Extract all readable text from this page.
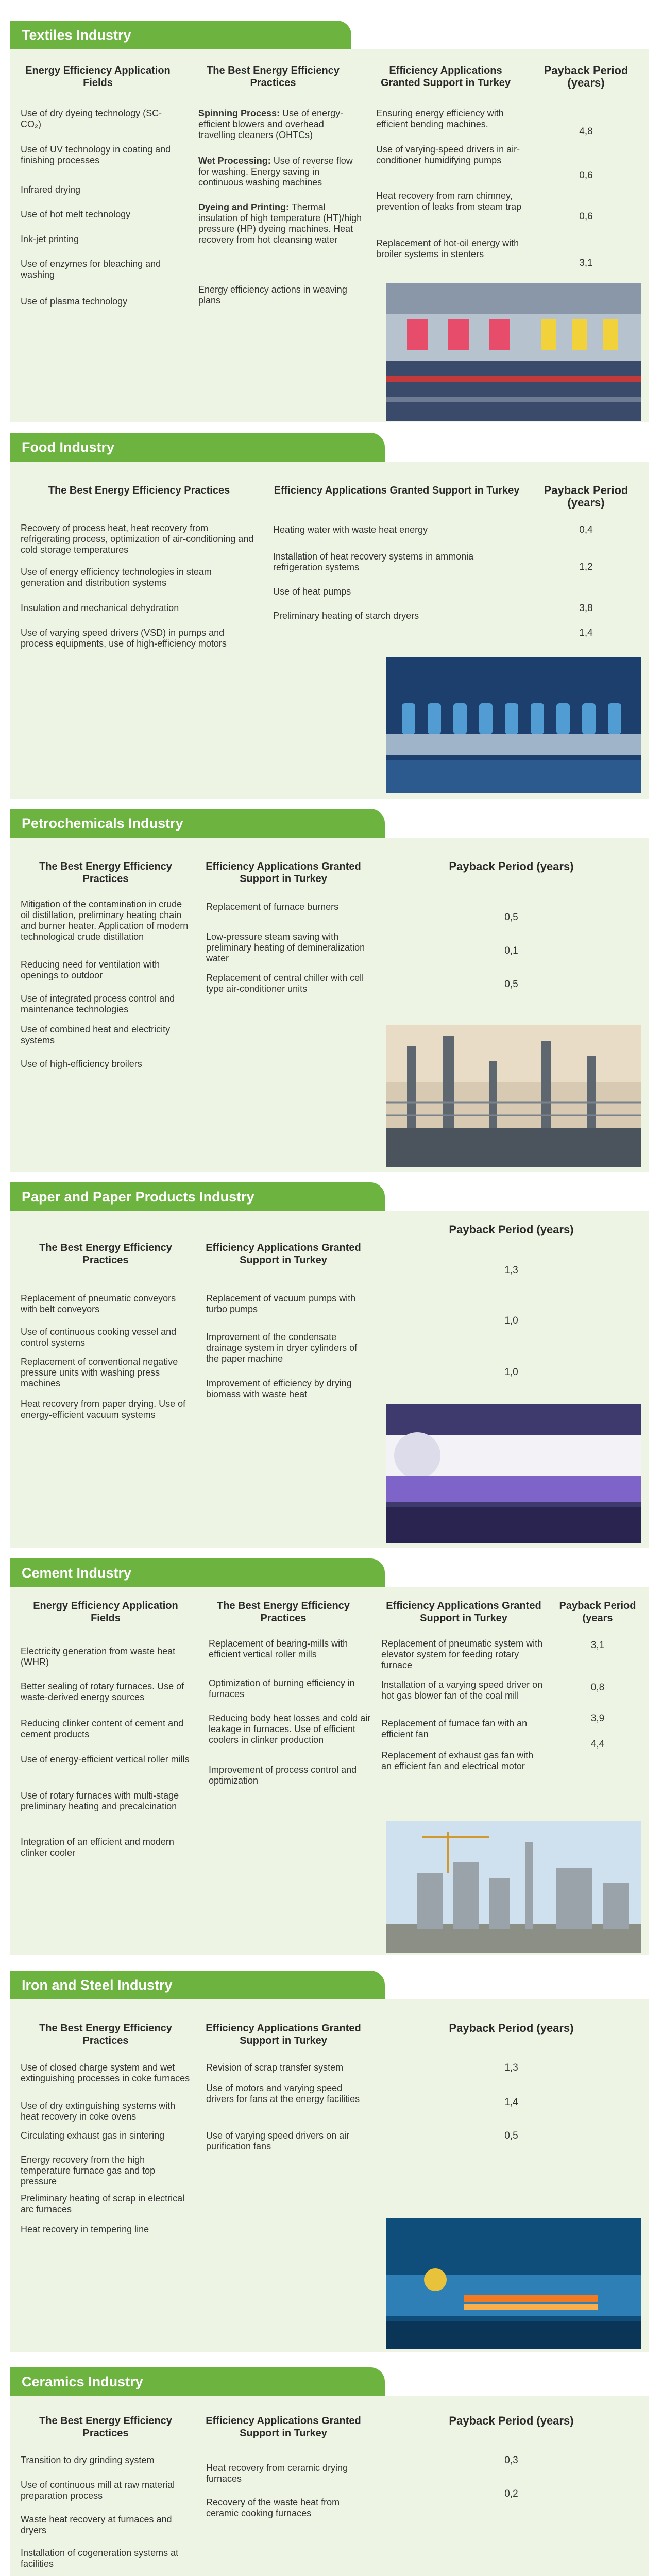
Textiles Industry
Energy Efficiency Application Fields
The Best Energy Efficiency Practices
Efficiency Applications Granted Support in Turkey
Payback Period (years)
Use of dry dyeing technology (SC-CO₂)
Use of UV technology in coating and finishing processes
Infrared drying
Use of hot melt technology
Ink-jet printing
Use of enzymes for bleaching and washing
Use of plasma technology
Spinning Process: Use of energy-efficient blowers and overhead travelling cleaners (OHTCs)
Wet Processing: Use of reverse flow for washing. Energy saving in continuous washing machines
Dyeing and Printing: Thermal insulation of high temperature (HT)/high pressure (HP) dyeing machines. Heat recovery from hot cleansing water
Energy efficiency actions in weaving plans
Ensuring energy efficiency with efficient bending machines.
Use of varying-speed drivers in air-conditioner humidifying pumps
Heat recovery from ram chimney, prevention of leaks from steam trap
Replacement of hot-oil energy with broiler systems in stenters
4,8
0,6
0,6
3,1
Food Industry
The Best Energy Efficiency Practices	Efficiency Applications Granted Support in Turkey	Payback Period (years)
Recovery of process heat, heat recovery from refrigerating process, optimization of air-conditioning and cold storage temperatures
Use of energy efficiency technologies in steam generation and distribution systems
Insulation and mechanical dehydration
Use of varying speed drivers (VSD) in pumps and process equipments, use of high-efficiency motors
Heating water with waste heat energy
Installation of heat recovery systems in ammonia refrigeration systems
Use of heat pumps
Preliminary heating of starch dryers
0,4
1,2
3,8
1,4
Petrochemicals Industry
The Best Energy Efficiency Practices
Efficiency Applications Granted Support in Turkey
Payback Period (years)
Mitigation of the contamination in crude oil distillation, preliminary heating chain and burner heater. Application of modern technological crude distillation
Reducing need for ventilation with openings to outdoor
Use of integrated process control and maintenance technologies
Use of combined heat and electricity systems
Use of high-efficiency broilers
Replacement of furnace burners
Low-pressure steam saving with preliminary heating of demineralization water
Replacement of central chiller with cell type air-conditioner units
0,5
0,1
0,5
Paper and Paper Products Industry
The Best Energy Efficiency Practices
Efficiency Applications Granted Support in Turkey
Payback Period (years)
Replacement of pneumatic conveyors with belt conveyors
Use of continuous cooking vessel and control systems
Replacement of conventional negative pressure units with washing press machines
Heat recovery from paper drying. Use of energy-efficient vacuum systems
Replacement of vacuum pumps with turbo pumps
Improvement of the condensate drainage system in dryer cylinders of the paper machine
Improvement of efficiency by drying biomass with waste heat
1,3
1,0
1,0
Cement Industry
Energy Efficiency Application Fields
The Best Energy Efficiency Practices
Efficiency Applications Granted Support in Turkey
Payback Period (years
Electricity generation from waste heat (WHR)
Better sealing of rotary furnaces. Use of waste-derived energy sources
Reducing clinker content of cement and cement products
Use of energy-efficient vertical roller mills
Use of rotary furnaces with multi-stage preliminary heating and precalcination
Integration of an efficient and modern clinker cooler
Replacement of bearing-mills with efficient vertical roller mills
Optimization of burning efficiency in furnaces
Reducing body heat losses and cold air leakage in furnaces. Use of efficient coolers in clinker production
Improvement of process control and optimization
Replacement of pneumatic system with elevator system for feeding rotary furnace
Installation of a varying speed driver on hot gas blower fan of the coal mill
Replacement of furnace fan with an efficient fan
Replacement of exhaust gas fan with an efficient fan and electrical motor
3,1
0,8
3,9
4,4
Iron and Steel Industry
The Best Energy Efficiency Practices
Efficiency Applications Granted Support in Turkey
Payback Period (years)
Use of closed charge system and wet extinguishing processes in coke furnaces
Use of dry extinguishing systems with heat recovery in coke ovens
Circulating exhaust gas in sintering
Energy recovery from the high temperature furnace gas and top pressure
Preliminary heating of scrap in electrical arc furnaces
Heat recovery in tempering line
Revision of scrap transfer system
Use of motors and varying speed drivers for fans at the energy facilities
Use of varying speed drivers on air purification fans
1,3
1,4
0,5
Ceramics Industry
The Best Energy Efficiency Practices
Efficiency Applications Granted Support in Turkey
Payback Period (years)
Transition to dry grinding system
Use of continuous mill at raw material preparation process
Waste heat recovery at furnaces and dryers
Installation of cogeneration systems at facilities
Heat recovery from ceramic drying furnaces
Recovery of the waste heat from ceramic cooking furnaces
0,3
0,2
